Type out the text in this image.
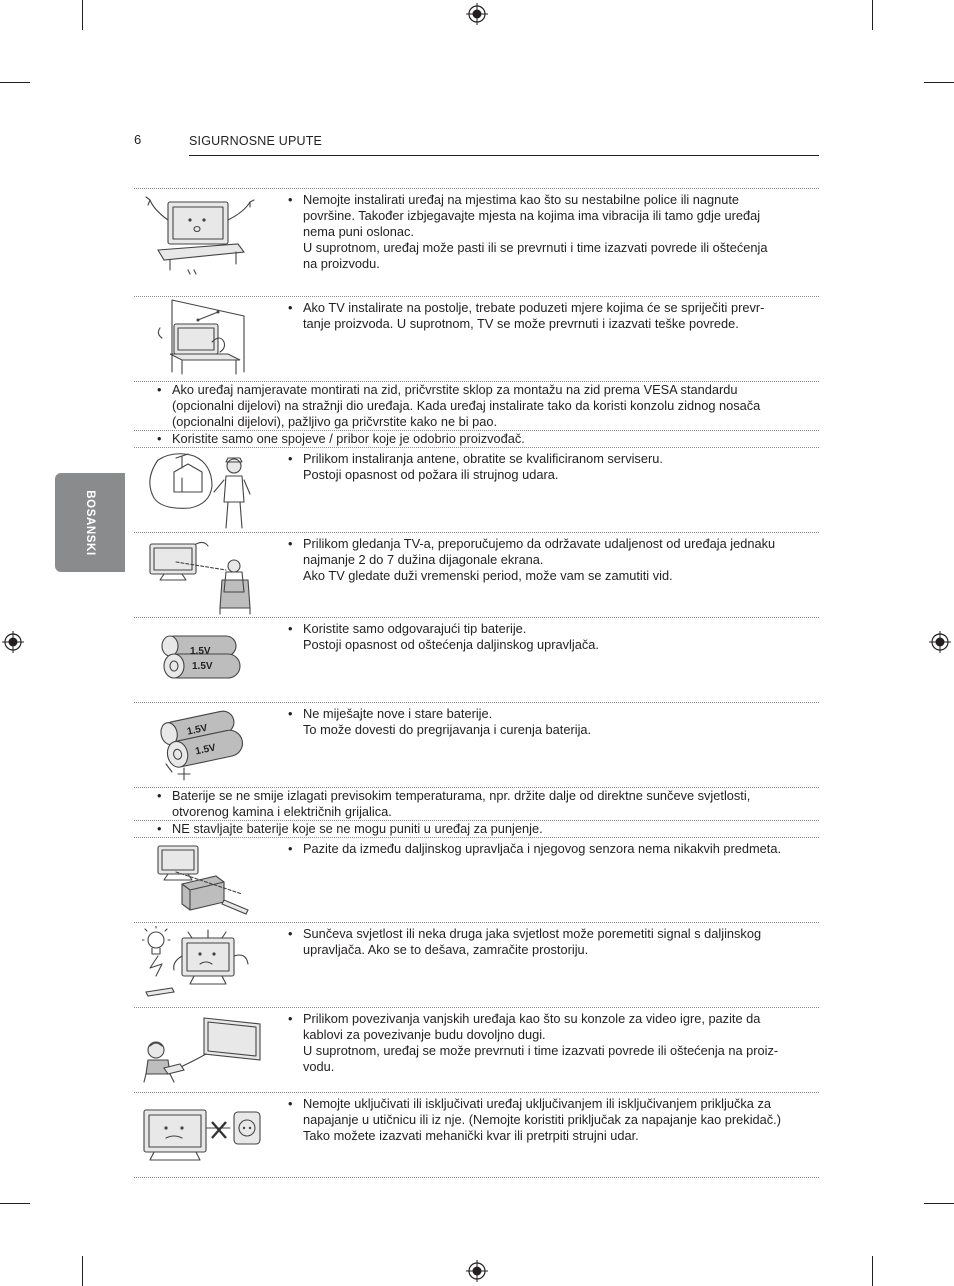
6	SIGURNOSNE UPUTE
BOSANSKI
• Nemojte instalirati uređaj na mjestima kao što su nestabilne police ili nagnute
površine. Također izbjegavajte mjesta na kojima ima vibracija ili tamo gdje uređaj
nema puni oslonac.
U suprotnom, uređaj može pasti ili se prevrnuti i time izazvati povrede ili oštećenja
na proizvodu.
• Ako TV instalirate na postolje, trebate poduzeti mjere kojima će se spriječiti prevr-
tanje proizvoda. U suprotnom, TV se može prevrnuti i izazvati teške povrede.
• Ako uređaj namjeravate montirati na zid, pričvrstite sklop za montažu na zid prema VESA standardu
(opcionalni dijelovi) na stražnji dio uređaja. Kada uređaj instalirate tako da koristi konzolu zidnog nosača
(opcionalni dijelovi), pažljivo ga pričvrstite kako ne bi pao.
• Koristite samo one spojeve / pribor koje je odobrio proizvođač.
• Prilikom instaliranja antene, obratite se kvalificiranom serviseru.
Postoji opasnost od požara ili strujnog udara.
• Prilikom gledanja TV-a, preporučujemo da održavate udaljenost od uređaja jednaku
najmanje 2 do 7 dužina dijagonale ekrana.
Ako TV gledate duži vremenski period, može vam se zamutiti vid.
• Koristite samo odgovarajući tip baterije.
Postoji opasnost od oštećenja daljinskog upravljača.
• Ne miješajte nove i stare baterije.
To može dovesti do pregrijavanja i curenja baterija.
• Baterije se ne smije izlagati previsokim temperaturama, npr. držite dalje od direktne sunčeve svjetlosti,
otvorenog kamina i električnih grijalica.
• NE stavljajte baterije koje se ne mogu puniti u uređaj za punjenje.
• Pazite da između daljinskog upravljača i njegovog senzora nema nikakvih predmeta.
• Sunčeva svjetlost ili neka druga jaka svjetlost može poremetiti signal s daljinskog
upravljača. Ako se to dešava, zamračite prostoriju.
• Prilikom povezivanja vanjskih uređaja kao što su konzole za video igre, pazite da
kablovi za povezivanje budu dovoljno dugi.
U suprotnom, uređaj se može prevrnuti i time izazvati povrede ili oštećenja na proiz-
vodu.
• Nemojte uključivati ili isključivati uređaj uključivanjem ili isključivanjem priključka za
napajanje u utičnicu ili iz nje. (Nemojte koristiti priključak za napajanje kao prekidač.)
Tako možete izazvati mehanički kvar ili pretrpiti strujni udar.
1.5V
1.5V
1.5V
1.5V
